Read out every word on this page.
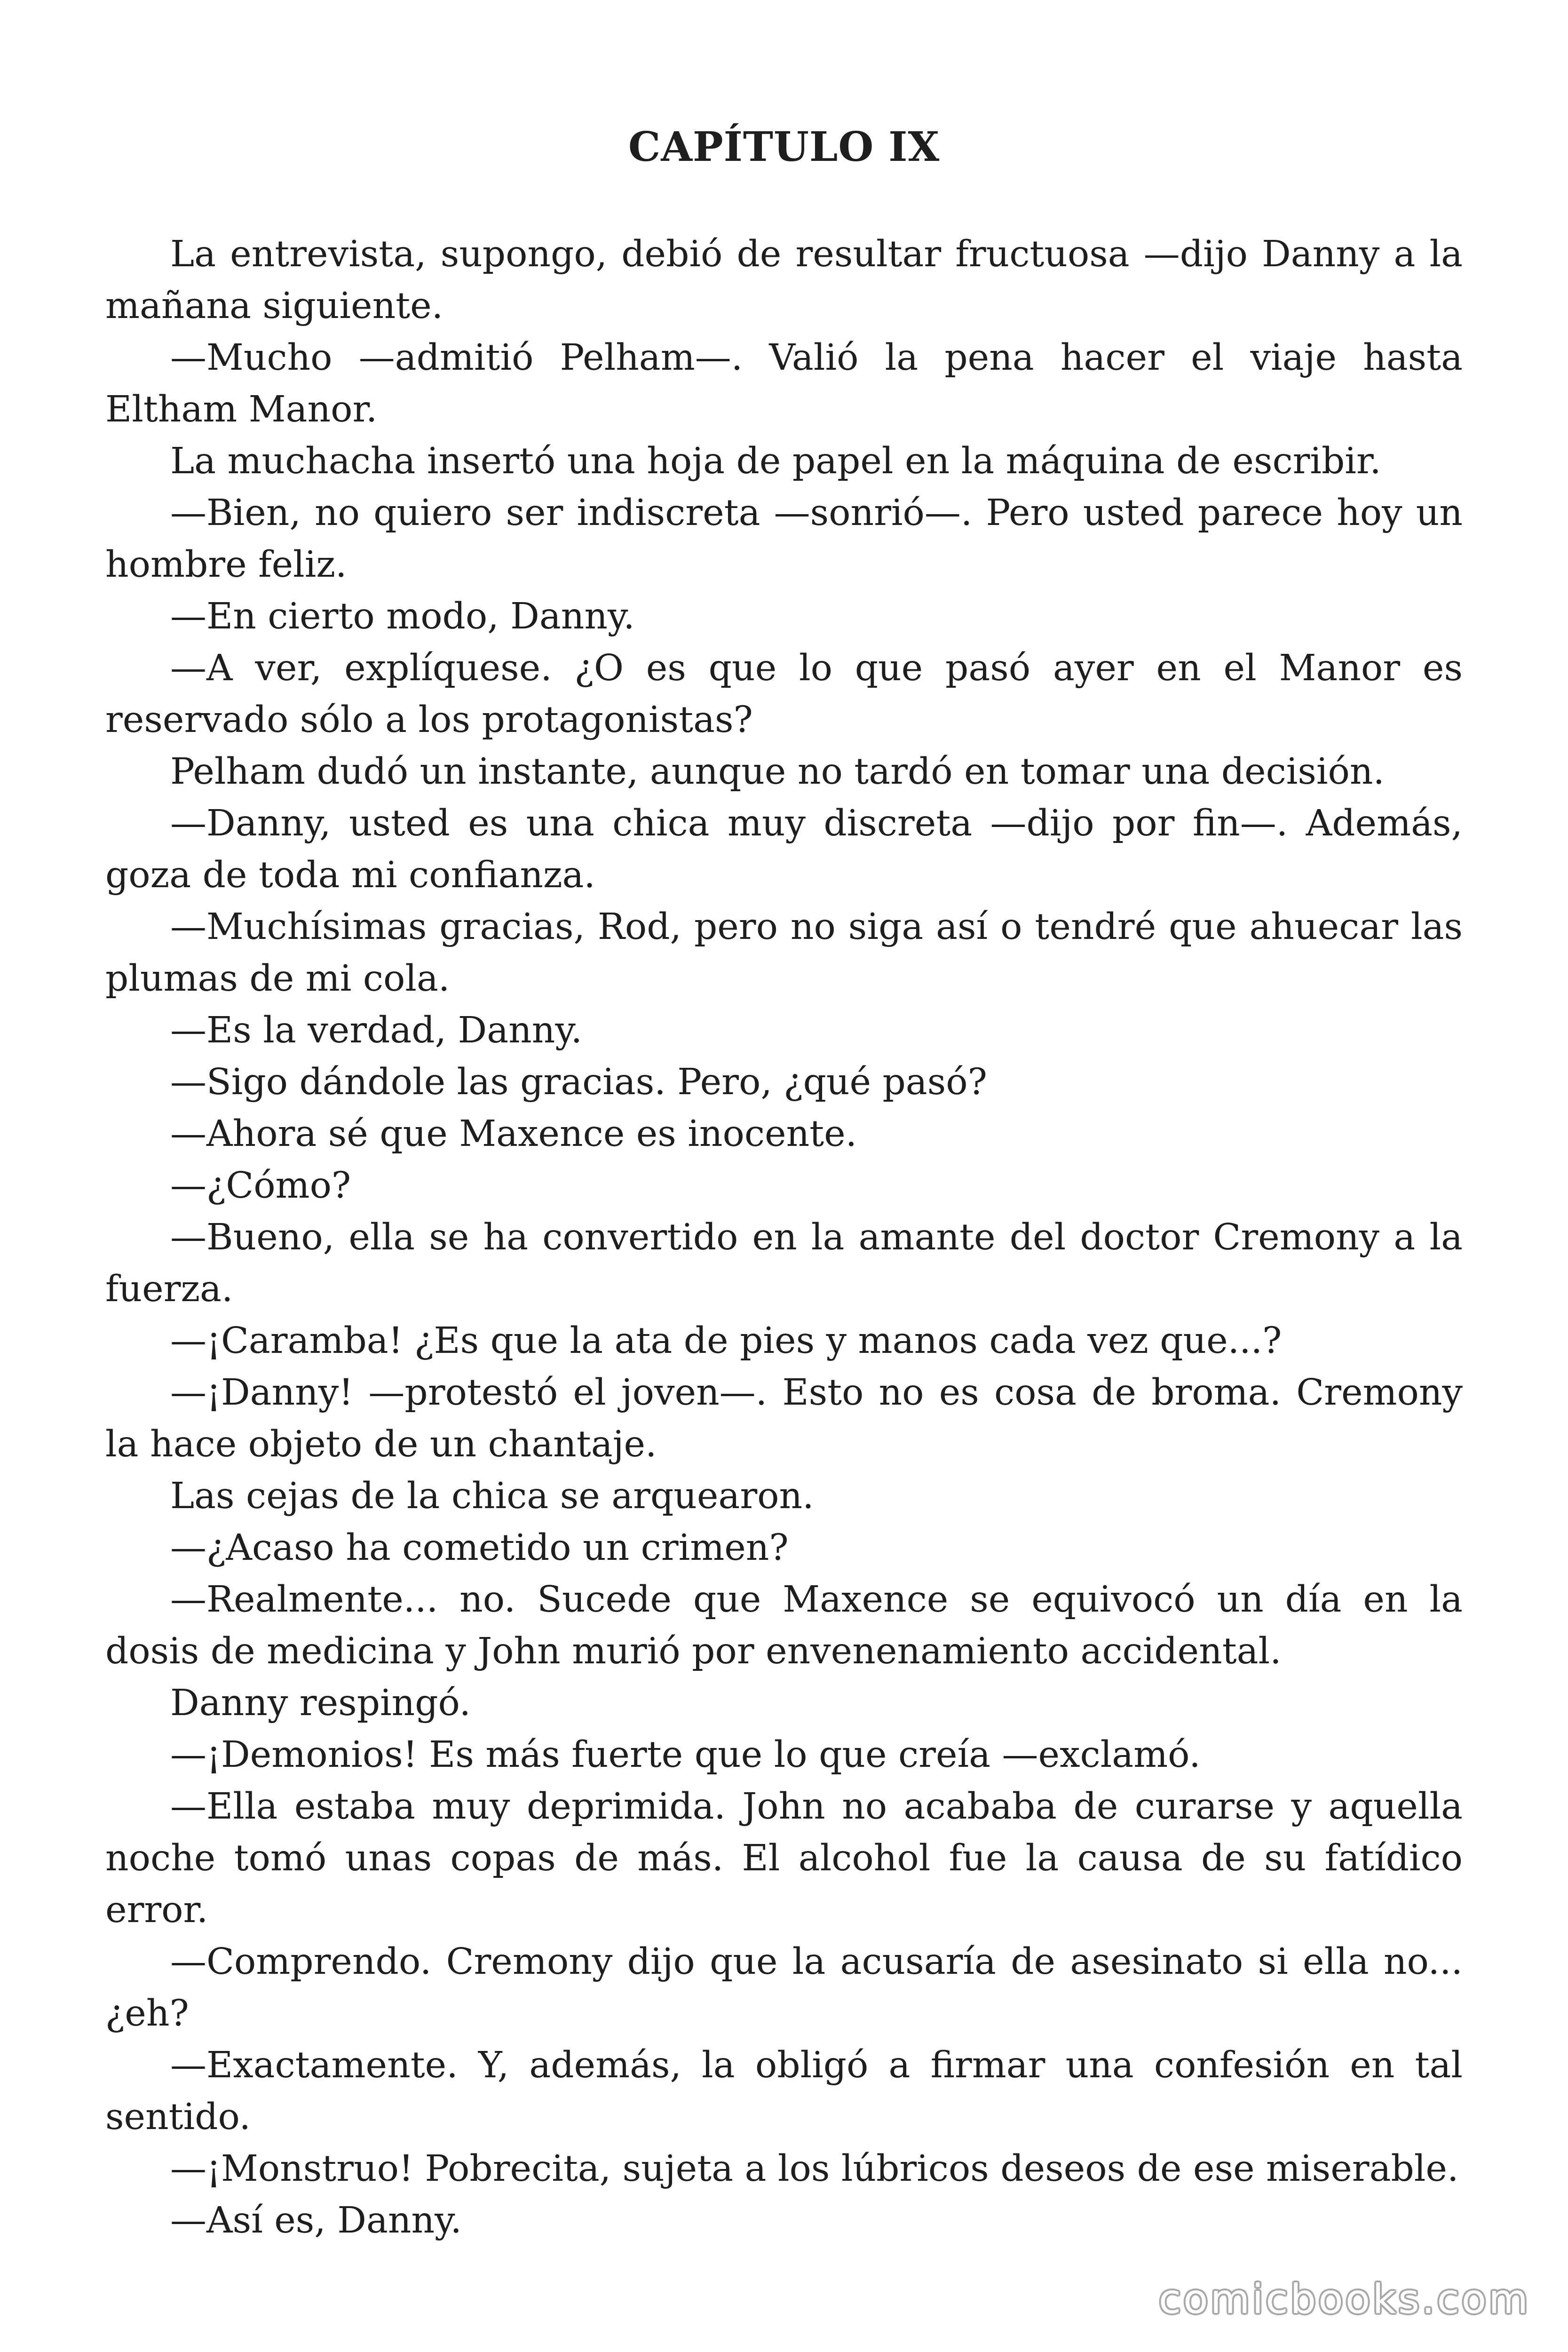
CAPÍTULO IX

La entrevista, supongo, debió de resultar fructuosa —dijo Danny a la mañana siguiente.

—Mucho —admitió Pelham—. Valió la pena hacer el viaje hasta Eltham Manor.

La muchacha insertó una hoja de papel en la máquina de escribir.

—Bien, no quiero ser indiscreta —sonrió—. Pero usted parece hoy un hombre feliz.

—En cierto modo, Danny.

—A ver, explíquese. ¿O es que lo que pasó ayer en el Manor es reservado sólo a los protagonistas?

Pelham dudó un instante, aunque no tardó en tomar una decisión.

—Danny, usted es una chica muy discreta —dijo por fin—. Además, goza de toda mi confianza.

—Muchísimas gracias, Rod, pero no siga así o tendré que ahuecar las plumas de mi cola.

—Es la verdad, Danny.

—Sigo dándole las gracias. Pero, ¿qué pasó?

—Ahora sé que Maxence es inocente.

—¿Cómo?

—Bueno, ella se ha convertido en la amante del doctor Cremony a la fuerza.

—¡Caramba! ¿Es que la ata de pies y manos cada vez que...?

—¡Danny! —protestó el joven—. Esto no es cosa de broma. Cremony la hace objeto de un chantaje.

Las cejas de la chica se arquearon.

—¿Acaso ha cometido un crimen?

—Realmente... no. Sucede que Maxence se equivocó un día en la dosis de medicina y John murió por envenenamiento accidental.

Danny respingó.

—¡Demonios! Es más fuerte que lo que creía —exclamó.

—Ella estaba muy deprimida. John no acababa de curarse y aquella noche tomó unas copas de más. El alcohol fue la causa de su fatídico error.

—Comprendo. Cremony dijo que la acusaría de asesinato si ella no... ¿eh?

—Exactamente. Y, además, la obligó a firmar una confesión en tal sentido.

—¡Monstruo! Pobrecita, sujeta a los lúbricos deseos de ese miserable.

—Así es, Danny.

comicbooks.com
